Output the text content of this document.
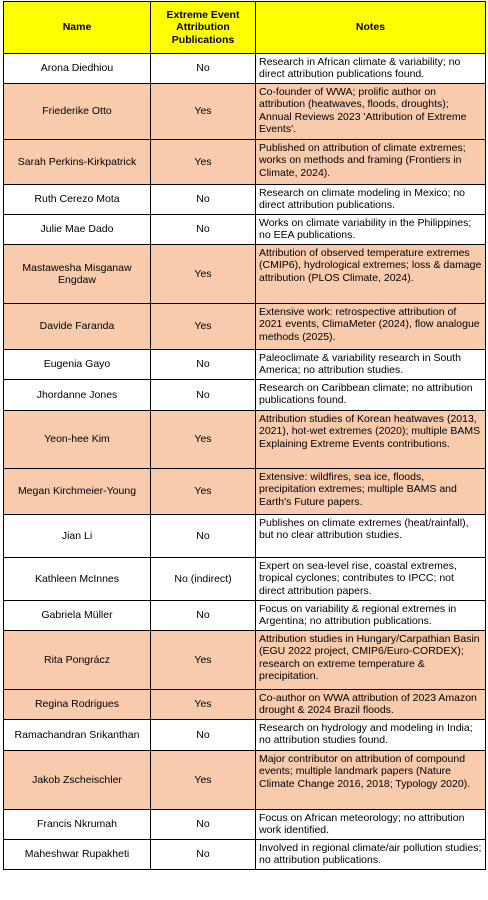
Name	Extreme Event Attribution Publications	Notes
Arona Diedhiou	No	Research in African climate & variability; no direct attribution publications found.
Friederike Otto	Yes	Co-founder of WWA; prolific author on attribution (heatwaves, floods, droughts); Annual Reviews 2023 'Attribution of Extreme Events'.
Sarah Perkins-Kirkpatrick	Yes	Published on attribution of climate extremes; works on methods and framing (Frontiers in Climate, 2024).
Ruth Cerezo Mota	No	Research on climate modeling in Mexico; no direct attribution publications.
Julie Mae Dado	No	Works on climate variability in the Philippines; no EEA publications.
Mastawesha Misganaw Engdaw	Yes	Attribution of observed temperature extremes (CMIP6), hydrological extremes; loss & damage attribution (PLOS Climate, 2024).
Davide Faranda	Yes	Extensive work: retrospective attribution of 2021 events, ClimaMeter (2024), flow analogue methods (2025).
Eugenia Gayo	No	Paleoclimate & variability research in South America; no attribution studies.
Jhordanne Jones	No	Research on Caribbean climate; no attribution publications found.
Yeon-hee Kim	Yes	Attribution studies of Korean heatwaves (2013, 2021), hot-wet extremes (2020); multiple BAMS Explaining Extreme Events contributions.
Megan Kirchmeier-Young	Yes	Extensive: wildfires, sea ice, floods, precipitation extremes; multiple BAMS and Earth's Future papers.
Jian Li	No	Publishes on climate extremes (heat/rainfall), but no clear attribution studies.
Kathleen McInnes	No (indirect)	Expert on sea-level rise, coastal extremes, tropical cyclones; contributes to IPCC; not direct attribution papers.
Gabriela Müller	No	Focus on variability & regional extremes in Argentina; no attribution publications.
Rita Pongrácz	Yes	Attribution studies in Hungary/Carpathian Basin (EGU 2022 project, CMIP6/Euro-CORDEX); research on extreme temperature & precipitation.
Regina Rodrigues	Yes	Co-author on WWA attribution of 2023 Amazon drought & 2024 Brazil floods.
Ramachandran Srikanthan	No	Research on hydrology and modeling in India; no attribution studies found.
Jakob Zscheischler	Yes	Major contributor on attribution of compound events; multiple landmark papers (Nature Climate Change 2016, 2018; Typology 2020).
Francis Nkrumah	No	Focus on African meteorology; no attribution work identified.
Maheshwar Rupakheti	No	Involved in regional climate/air pollution studies; no attribution publications.
